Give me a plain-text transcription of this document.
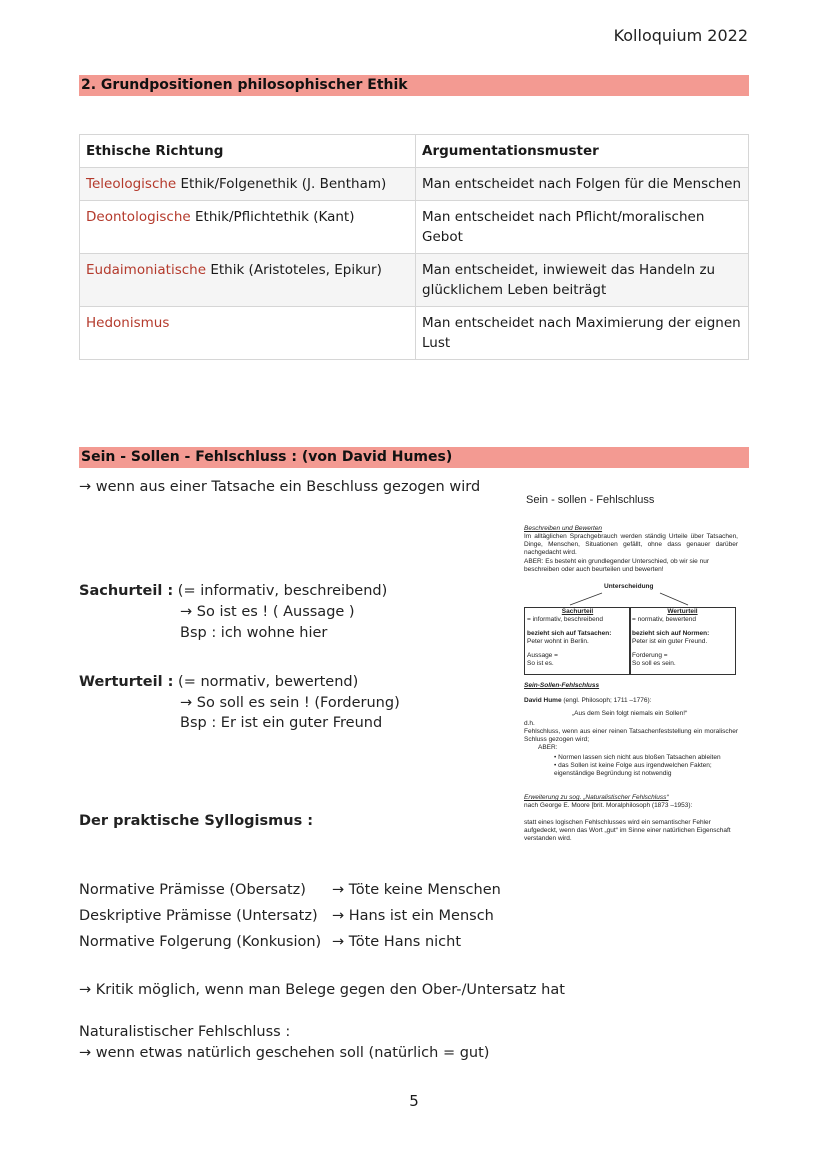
Kolloquium 2022
2. Grundpositionen philosophischer Ethik
Ethische Richtung	Argumentationsmuster
Teleologische Ethik/Folgenethik (J. Bentham)	Man entscheidet nach Folgen für die Menschen
Deontologische Ethik/Pflichtethik (Kant)	Man entscheidet nach Pflicht/moralischen Gebot
Eudaimoniatische Ethik (Aristoteles, Epikur)	Man entscheidet, inwieweit das Handeln zu glücklichem Leben beiträgt
Hedonismus	Man entscheidet nach Maximierung der eignen Lust
Sein - Sollen - Fehlschluss : (von David Humes)
→ wenn aus einer Tatsache ein Beschluss gezogen wird
Sachurteil : (= informativ, beschreibend)
→ So ist es ! ( Aussage )
Bsp : ich wohne hier
Werturteil : (= normativ, bewertend)
→ So soll es sein ! (Forderung)
Bsp : Er ist ein guter Freund
Sein - sollen - Fehlschluss
Beschreiben und Bewerten
Im alltäglichen Sprachgebrauch werden ständig Urteile über Tatsachen, Dinge, Menschen, Situationen gefällt, ohne dass genauer darüber nachgedacht wird.
ABER: Es besteht ein grundlegender Unterschied, ob wir sie nur beschreiben oder auch beurteilen und bewerten!
Unterscheidung
Sachurteil
= informativ, beschreibend
bezieht sich auf Tatsachen:
Peter wohnt in Berlin.
Aussage =
So ist es.
Werturteil
= normativ, bewertend
bezieht sich auf Normen:
Peter ist ein guter Freund.
Forderung =
So soll es sein.
Sein-Sollen-Fehlschluss
David Hume (engl. Philosoph; 1711 –1776):
„Aus dem Sein folgt niemals ein Sollen!“
d.h.
Fehlschluss, wenn aus einer reinen Tatsachenfeststellung ein moralischer Schluss gezogen wird;
ABER:
• Normen lassen sich nicht aus bloßen Tatsachen ableiten
• das Sollen ist keine Folge aus irgendwelchen Fakten; eigenständige Begründung ist notwendig
Erweiterung zu sog. „Naturalistischer Fehlschluss“
nach George E. Moore [brit. Moralphilosoph (1873 –1953):
statt eines logischen Fehlschlusses wird ein semantischer Fehler aufgedeckt, wenn das Wort „gut“ im Sinne einer natürlichen Eigenschaft verstanden wird.
Der praktische Syllogismus :
Normative Prämisse (Obersatz) → Töte keine Menschen
Deskriptive Prämisse (Untersatz) → Hans ist ein Mensch
Normative Folgerung (Konkusion) → Töte Hans nicht
→ Kritik möglich, wenn man Belege gegen den Ober-/Untersatz hat
Naturalistischer Fehlschluss :
→ wenn etwas natürlich geschehen soll (natürlich = gut)
5
